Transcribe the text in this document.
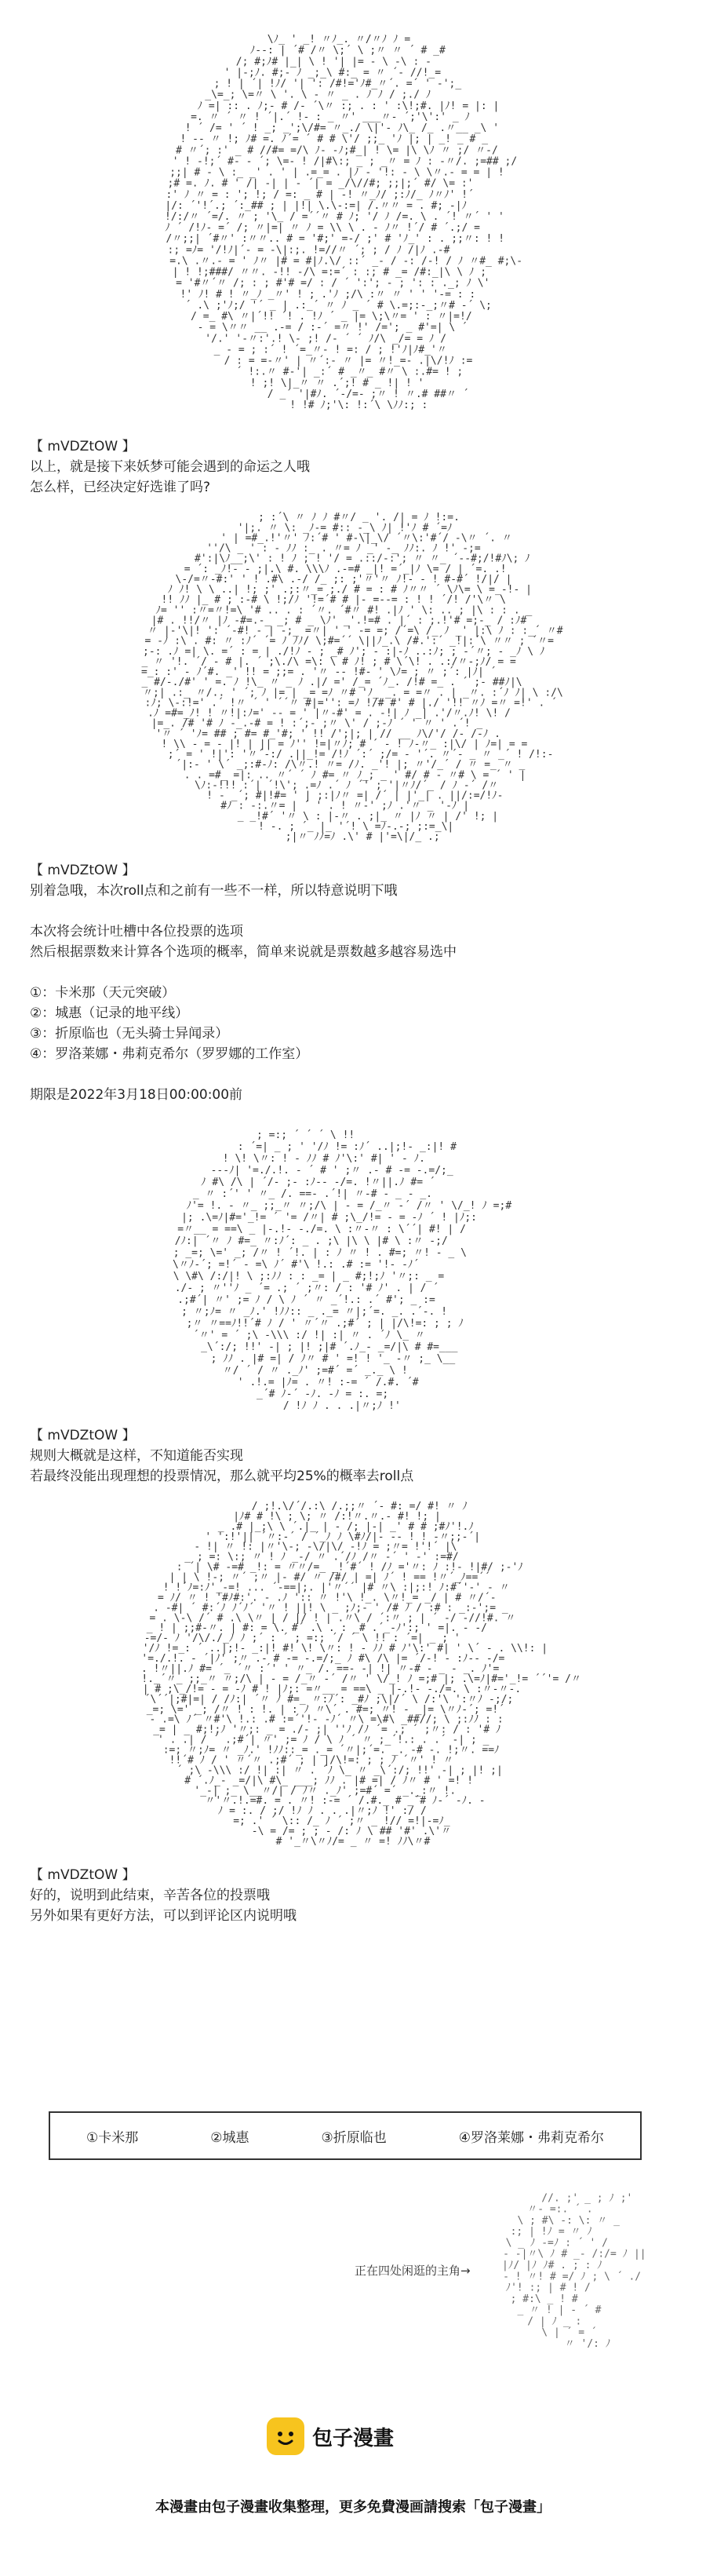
\ﾉ_ ' _! 〃ﾉ_. 〃/〃ﾉ ﾉ =
ﾉ--: | ´# /〃 \;´ \ ;〃 〃 ´ # _#
/; #;ﾉ# |_| \ ! '| |= - \ -\ : -
' |-;ﾉ. #;- ﾉ _;_\ #:_ = 〃 ´- //!_=
; ! | ´| !ﾉ/ '| ': /#!='ﾉ#_〃´. =´ ' -';_
_\=_; \=〃 \ '. \ - 〃 _ . ﾉ ﾉ / ;./ ﾉ
ﾉ =| :: . ﾉ;- # /- ´\〃 :; . : ' :\!;#. |ﾉ! = |: |
=. 〃 ´ 〃 ! ´|.´ !- : _ 〃' ___〃- ´;'\':' _ ﾉ
! ´ /= ' ´ ! _; _';\/#= 〃_./ \|'- ﾉ\_ /_ .〃__ _\ '
! -- 〃 !; ﾉ# =. ﾉ´= ´ # # \'/ ;;_ 'ﾉ |; | _! _ # _
# 〃´; :' _ # //#= =/\ ﾉ- -ﾉ;#_| ! \= |\ \ﾉ 〃 ;/ 〃-/
' ! -!;´ #- - ´; \=- ! /|#\:; _ ; _〃 = ﾉ : -〃/. ;=## ;/
;;| # - \ :_ _' . ' | .=_= . |ﾉ - '!: - \ \〃.- = = | !
;# =. ﾉ. # ' /| -| | - ´| = _/\//#; ;;|;´ #/ \= :'
:' ﾉ 〃 = : '; !; / =: _ # | -! 〃_ﾉ/ ;:ﾉ/_ ﾉ〃ﾉ' !´
|/: ´'!´.; ´:_## ; | |!| \.\-:=| /.〃〃 = . #; -|ﾉ
!/:/〃 ´=/. 〃 ; '\_ / =´´〃 # ﾉ; '/ ﾉ /=. \ . ´! 〃´ ' '
ﾉ ´ /!ﾉ- =´ /; 〃|=| 〃 ﾉ = \\ \ . - ﾉ〃 !´/ # ´.;/ =
/〃;;| ´#〃' :〃〃.. # = '#;' =-/ ;' # 'ﾉ_' : . ;;〃: ! !
:; =ﾉ= '/!ﾉ|´- = -\|:;. !=//〃 ´; ; / ﾉ /|ﾉ .-#
=.\ .〃.- = ' ﾉ〃 |# = #|ﾉ.\/ ::´ _- / -: /-! / ﾉ 〃#_ #;\-
| ! !;###/ 〃〃. -!! -/\ =:=´ : :; # _= /#:_|\ \ ﾉ ;
= '#〃´〃 /; : ; #'# =/ : / ´ ':'; - ; ': : ._; ﾉ \'
!' ﾉ! # ! 〃_ﾉ _〃' ! ; .'ﾉ ;/\ :〃 〃 ' ' '-= : :
´ .\ ;'ﾉ;/ '´ _ | .:_´ 〃 ﾉ _ ´ # \.=;:-_;〃# -´ \;
/ =_ #\ 〃|´!! ´! . !ﾉ ´ _ |= \;\〃= ' : 〃|=!/
- = \〃〃 __ .-= / :-´ =〃 !' /='; _ #'=| \ ´
'/.' '-〃:'.! \- ;! /- ´ ´ ﾉ/\ _/= = ﾉ /
_ - = ; :´ ! ´=_〃- ! =: / ; !'ﾉ|ﾉ#_'〃
/ : = =-〃' | 〃´:- 〃 |= 〃!_=- .|\/!ﾉ :=
´ !:.〃 #-'| _:´ # _〃_ #〃 \ :.#= ! ;
! ;! \|_〃 〃 .´;! # _ !| ! '
/ _´ '|#ﾉ. ´-/=- ;〃 ! 〃.# ##〃 ´
! !# ﾉ;'\: !:´\ \ﾉﾉ:; :
【 mVDZtOW 】
以上，就是接下来妖梦可能会遇到的命运之人哦
怎么样，已经决定好选谁了吗?
; :´\ 〃 ﾉ ﾉ #〃/ _ '. /| = ﾉ !:=.
'|;. 〃 \: _ﾉ-= #:: -_\ ﾉ| !'ﾉ # ´=ﾉ
' | =#_.!'〃' ﾉ:´# ' #-\|_\/ ´〃\:'#´/ -\〃 ´. 〃
''/\ _ ' : - ﾉﾉ :_ . 〃= ﾉ _' -_ ﾉﾉ:. ﾉ !' -;=
#':|\ﾉ__;\' : ! ﾉ ; ! '/ = .::/-:'; 〃 〃_ ´--#;/!#ﾉ\; ﾉ
= ´: _ﾉ!- - ;|.\ #. \\\ﾉ .-=# _|! =´_|ﾉ \= / | ´=. .!
\-/=〃-#:' ' ! .#\ .-/ /_ ;: ;'〃'〃 ﾉ!- - ! #-#´ !/|/ |
ﾉ ﾉ! \ \ ..| !; ;' .;:〃_= ;./ # = : # ﾉ〃〃 ´ \ﾉ\= \ =_-!- |
!! ﾉﾉ |_ # ; :-# \ !;/ﾉ '!=´# # |- =--= : ! ! ´/! /'\〃 \
ﾉ= '' :〃=〃!=\ '# .. . : ´〃. ´#〃 #! .|ﾉ ' \: .. ; |\ : : . _
|# . !!/〃 |ﾉ -#=.-_ _; # _ \ﾉ' _'.!=# . |´ : ;.!'# =;-_ / :ﾉ#
〃 |-'\|! ': ´-#! - | -;_ =〃| ' ' -= =; /´=\ /_ ﾉ _' |:\ ﾉ : :_´ 〃#
= -ﾉ :\ . #: 〃 :ﾉ´ ´= ﾉ ﾉﾉ/ \;#=´´ \||ﾉ_.\ /#.':´ _!|:´\ 〃〃 ; ´〃=
;-: .ﾉ =| \. =´ : = | ./!ﾉ - ; _# ﾉ'; - :|-ﾉ ..:ﾉ; ; -´〃; - _ﾉ \ ﾉ
_ 〃 '!. ´/ - # |. ´ ;\./\ =\: \ # ﾉ! ; # \´\! . .:/〃-;ﾉ/ = =
=_: :' - ﾉ´#. _' !! = ;;= . '〃 -- !#- ' \ﾉ= ; 〃 ;´: |ﾉ| ´
_ #/-./#' ' =. ﾉ !\_ 〃 _ ﾉ .|/ =' /_= ´ﾉ_. /!# =_ . ´ ;- ##ﾉ|\
〃;| .:_ 〃/.. ' ´; ﾉ |= | _= =ﾉ 〃# 'ﾉ_ _. = =〃 . | _〃. :´ﾉ ﾉ| \ :/\
:ﾉ; \-:!=' .´ !〃 ´ ' ´´〃 #|='': =ﾉ !/# #' # |./ '!! 〃ﾉ =〃 =!' . ´
.ﾉ =#=_ﾉ! ! 〃!|:ﾉ=' -- = ' |〃-#' = . -!| ﾉ _| .'/〃.ﾉ! \! /
|=_. /# '# ﾉ -_.-# = ! :´;- ;〃 \' / ;-ﾉ ´ ' 〃 ' .´! _
'〃 ´ 'ﾉ= ## ; #= #_'#; ' !! /';|; | // __ ﾉ\/'/ /- /-ﾉ .
! \\ - = - |! | || = ﾉ'' !=|〃ﾉ; # ´ - ! ﾉ-〃_ :|\/ | ﾉ=| = =
;´ = ' !|': '〃´-:/ .||_!= /!ﾉ ´:´ ;/= - '´. 〃´- _ 〃 _´ ! /!:-
´|:- ' \´ _;:#-ﾉ: /\〃.! 〃= /ﾉ. _'! |; 〃'/_´ / 〃 =_ 〃 _
. . =#_ =|: .. 〃´ ´ ﾉ #= 〃 ﾉ_; _ ' #/ # - 〃# \ = ´ ' |
\ﾉ:-!!! :´| ´!\'; .=ﾉ .´ ﾉ ´' ; '|〃ﾉ/´_ / ﾉ -´ /〃
! - _´; #|!#= ' | ;:|ﾉ〃 =| /´ | |'_| . ||/:=/!ﾉ-
#ﾉ : -:.〃= | ´ ' . ! 〃-' ;ﾉ .'〃 _ '-ﾉ |
_ _!#´ '〃 \ : |-〃 . ;|_ 〃 |ﾉ 〃 | /' !; |
! -. ; ´_ |_ '´! \ =ﾉ-.-; ;:=_\|
;|〃 ﾉﾉ=ﾉ .\' # |'=\|/_ .;
【 mVDZtOW 】
别着急哦，本次roll点和之前有一些不一样，所以特意说明下哦
本次将会统计吐槽中各位投票的选项
然后根据票数来计算各个选项的概率，简单来说就是票数越多越容易选中
①：卡米那（天元突破）
②：城惠（记录的地平线）
③：折原临也（无头骑士异闻录）
④：罗洛莱娜・弗莉克希尔（罗罗娜的工作室）
期限是2022年3月18日00:00:00前
; =:; ´ ´ ´ \ !!
: ´=| _ ; ' '/ﾉ != :ﾉ´ ..|;!- _:|! #
! \! \〃: ! - ﾉﾉ # ﾉ'\:' #| ' - ﾉ.
---ﾉ| '=./.!. - ´ # ' ;〃 .- # -= -.=/;_
ﾉ #\ /\ | ´/- ;- :ﾉ-- -/=. !〃||.ﾉ #= ´
_ 〃 :´' ' 〃_ /. ==- .´!| 〃-# - _ - _.
ﾉ'= !. - 〃_ ;;_〃 〃;/\ | - = /_〃 -´ /〃 ' \/_! ﾉ =;#
|; .\=ﾉ|#='_!= ´ '= /〃| # ;\_/!= - = -ﾉ ´ ! |ﾉ;:
=〃__ = ==\ _ |-.!- -./=. \ :〃-〃 : \´´| #! | /
/ﾉ:| ´〃 ﾉ #=_ 〃:ﾉ´: _ . ;\ |\ \ |# \ :〃 -;/
; _=; \=' _; /〃 ! ´!. | : ﾉ 〃 ! . #=; 〃! - _ \
\〃ﾉ-´; =!´ - =\ ﾉ´ #'\ !.: .# := '!- -ﾉ´
\ \#\ /:/|! \ ;:ﾉﾉ : : _= | _ #;!;ﾉ '〃;: _ =
./- ; 〃''ﾉ _ ´= .; ´ ;〃: / : '# ﾉ' . | / ´
.;#´| 〃' ;= ﾉ / \ ﾉ ´ 〃 _´!.: .´ #'; _ :=
; 〃;ﾉ= 〃 _ﾉ.' !ﾉﾉ:: _ ._= 〃|;´=. _. .´-. !
;〃 〃==ﾉ!!´# ﾉ / ' 〃´〃 .;#´ ; | |/\!=: ; ; ﾉ
´〃' = ´ ;\ -\\\ :/ !| :| 〃 . ´ﾉ \_ 〃
_\´:/; !!' -| ; |! ;|# ´.ﾉ_- _=/|\ # #=___
; ﾉﾉ . |# =| / ﾉ〃 # ' =! ! '_ -〃 ;_ \__
〃/ ´ / 〃 ._ﾉ' ;=#´ =´ _._ \ !
' .!.= |ﾉ= . 〃! :-= ´ /.#. ´#
_´# ﾉ-´ -ﾉ. -ﾉ = :. =;
/ !ﾉ ﾉ . . .|〃;ﾉ !'
【 mVDZtOW 】
规则大概就是这样，不知道能否实现
若最终没能出现理想的投票情况，那么就平均25%的概率去roll点
/ ;!.\/´/.:\ /.;;〃 ´- #: =/ #! 〃 ﾉ
|ﾉ# # !\ ; \; 〃 /:!〃.〃.- #! !; |
_ .# |_;\ \ ´.|_ | - /; |-| _' # # ;#ﾉ'!.ﾉ
' ':!'|| ´〃:-´ / ´_ﾉ ﾉ \#ﾉ/|- -- ! ! -〃;;-´|
- !| 〃 !: |〃'\-; -\/|\/ -!ﾉ = ;〃= !'!´ |\
_ ; =: \:; 〃 ! ﾉ _-/ 〃 .´/ﾉ /〃 -´ ' -' :=#/
: ´| \# -=# _!: = 〃〃/=_ _!´#´ ! /ﾉ ='〃: ﾉ :!- !|#/ ;-'ﾉ
| | \ !-; 〃´ ;〃 |- #/ 〃 /#/ | =| ﾉ´ ! == !〃´_ﾉ==´´
! !´ﾉ=:ﾉ'_-=! ... ´-==|;. |'〃´´ |# 〃\ :|;:! ﾉ:#´'-' - 〃
= ﾉ/ 〃 ! '#ﾉ#:'. - .ﾉ ':: 〃 !'\ !_. \〃!_= _/ | # 〃/´-
. -#| ´ #:´ﾉ ﾉ´ﾉ´ '〃 ! ||! \ _ ;ﾉ;- ' /# ﾉ / :# : _:-';= _
= . \-\ /´ # .\ \〃 | / |/ ! | .〃\ / ´:〃 ; | ´ -/ -//!#. 〃
_ ! | ;;#-〃. | #: = \. #´ .\ . : _# .´_-ﾉ':; ' =|. - -/
-=/- ﾉ '/\/./_ﾉ ﾉ ;´ : ´ ; =:; ´/ ´ \ !! : ´=| _ ; '
'/ﾉ !=_: ´ ..|;!- _:|! #! \! \〃: ! - ﾉﾉ # ﾉ'\:' #| ' \´ - . \\!: |
'=./.!. - ´|ﾉ' ;〃 .- # -= -.=/;_ ﾉ #\ /\ |= ´/-! - :ﾉ-- -/=
. !〃||.ﾉ #= ´_ ´〃 :´' ' 〃_ /. ==- -| !| 〃-# - _ - _. ﾉ'=
!._´〃_ ;;_〃 〃;/\ | - = /_〃 -´ /〃 ' \/_! ﾉ =;# |; .\=ﾉ|#='_!= ´´'= /〃
| # ;\_/!= - = -ﾉ # ! |ﾉ;: =〃__ = ==\ _ |-.!- -./=. \ :〃-〃-.
´\´´|;#|=| / /ﾉ:| ´〃 ﾉ #=_ 〃:ﾉ´: _#ﾉ ;\|/´ \ /:'\ ':〃ﾉ -;/;
_=; \=' _; /〃 ! : !. | : ﾉ 〃\´ . #=; 〃! - _|= \〃ﾉ-´; =!´
- .=\ ﾉ´ 〃#'\ !.: .# :=´'!- -ﾉ´ 〃\ =\#\ _##//; \ ;:ﾉﾉ : :
_= | _ #;!;ﾉ '〃;: _ = ./- ;| ''ﾉ /ﾉ ´= .; ´ ;〃: / : '# ﾉ
' . .| / ´ .;#´| 〃' ;= ﾉ / \ ﾉ ´ 〃 ;_´!.: . .´ -| ; _
:=; 〃;ﾉ= 〃 _ﾉ.' !ﾉﾉ::_= ._= ´〃|;´=. _. -# -. !;〃. ==ﾉ
!!´# ﾉ / ' 〃´〃 .;#´ ; | |/\!=: ; ; ﾉ ´〃' ! 〃
´ ;\ -\\\ :/ !| :| 〃 . ´ﾉ \_ 〃 _\´:/; !!' -| ; |! ;|
# ´.ﾉ_- _=/|\ #\_ ___; ﾉﾉ . |# =| / ﾉ〃 # ' =! !
'_-| ;_ \__〃/| / ﾉ〃 ._ﾉ' ;=#´ =´ _._:〃 !.
〃'〃.!.=#. = . 〃! :-= ´ /.#._ # _´# ﾉ-´ -ﾉ. -
ﾉ = :. / ;/ !ﾉ ﾉ . . .|〃;ﾉ !' :/ /
=; .' ´ \:: /_ ﾉ ´ ;〃 _ !// =!|-=ﾉ_
-\ = /= ; ; - /: ﾉ \ ## '#' .\'〃
# '_〃\〃ﾉ/= _ 〃 =! ﾉﾉ\〃#
【 mVDZtOW 】
好的，说明到此结束，辛苦各位的投票哦
另外如果有更好方法，可以到评论区内说明哦
①卡米那	②城惠	③折原临也	④罗洛莱娜・弗莉克希尔
//. ;' _ ; ﾉ ;'
〃- =:. ´ .
\ ; #\ -: \: 〃 _
:; | !ﾉ = 〃 ﾉ
\ _ ﾉ -=ﾉ : ´ ' /
- -|〃\ ﾉ # _- /:/= ﾉ ||
|ﾉ/ |ﾉ ﾉ# . ; : ﾉ
- ! 〃! # =/ ﾉ ; \ ´ ./
ﾉ'! :; | # ! /
; #:\ _ ! #
_ 〃 ! | - ´ #
/ | ﾉ _ :
\ | ´ = ´
〃 '/: ﾉ
正在四处闲逛的主角→
包子漫畫
本漫畫由包子漫畫收集整理，更多免費漫画請搜索「包子漫畫」
